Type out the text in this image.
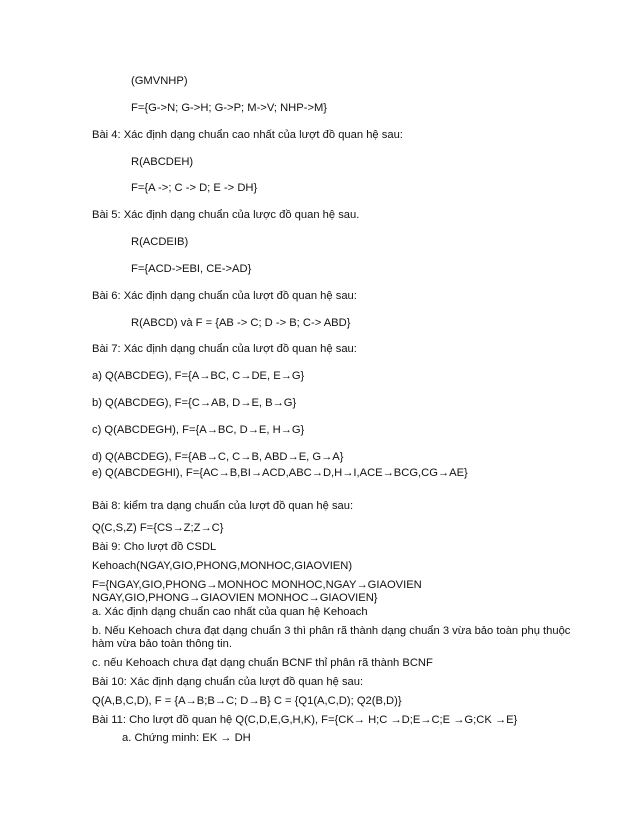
(GMVNHP)
F={G->N; G->H; G->P; M->V; NHP->M}
Bài 4: Xác định dạng chuẩn cao nhất của lượt đồ quan hệ sau:
R(ABCDEH)
F={A ->; C -> D; E -> DH}
Bài 5: Xác định dạng chuẩn của lược đồ quan hệ sau.
R(ACDEIB)
F={ACD->EBI, CE->AD}
Bài 6: Xác định dạng chuẩn của lượt đồ quan hệ sau:
R(ABCD) và F = {AB -> C; D -> B; C-> ABD}
Bài 7: Xác định dạng chuẩn của lượt đồ quan hệ sau:
a) Q(ABCDEG), F={A→BC, C→DE, E→G}
b) Q(ABCDEG), F={C→AB, D→E, B→G}
c) Q(ABCDEGH), F={A→BC, D→E, H→G}
d) Q(ABCDEG), F={AB→C, C→B, ABD→E, G→A}
e) Q(ABCDEGHI), F={AC→B,BI→ACD,ABC→D,H→I,ACE→BCG,CG→AE}
Bài 8: kiểm tra dạng chuẩn của lượt đồ quan hệ sau:
Q(C,S,Z) F={CS→Z;Z→C}
Bài 9: Cho lượt đồ CSDL
Kehoach(NGAY,GIO,PHONG,MONHOC,GIAOVIEN)
F={NGAY,GIO,PHONG→MONHOC MONHOC,NGAY→GIAOVIEN
NGAY,GIO,PHONG→GIAOVIEN MONHOC→GIAOVIEN}
a. Xác định dạng chuẩn cao nhất của quan hệ Kehoach
b. Nếu Kehoach chưa đạt dạng chuẩn 3 thì phân rã thành dạng chuẩn 3 vừa bảo toàn phụ thuộc
hàm vừa bảo toàn thông tin.
c. nếu Kehoach chưa đạt dạng chuẩn BCNF thỉ phân rã thành BCNF
Bài 10: Xác định dạng chuẩn của lượt đồ quan hệ sau:
Q(A,B,C,D), F = {A→B;B→C; D→B} C = {Q1(A,C,D); Q2(B,D)}
Bài 11: Cho lượt đồ quan hệ Q(C,D,E,G,H,K), F={CK→ H;C →D;E→C;E →G;CK →E}
a. Chứng minh: EK → DH
